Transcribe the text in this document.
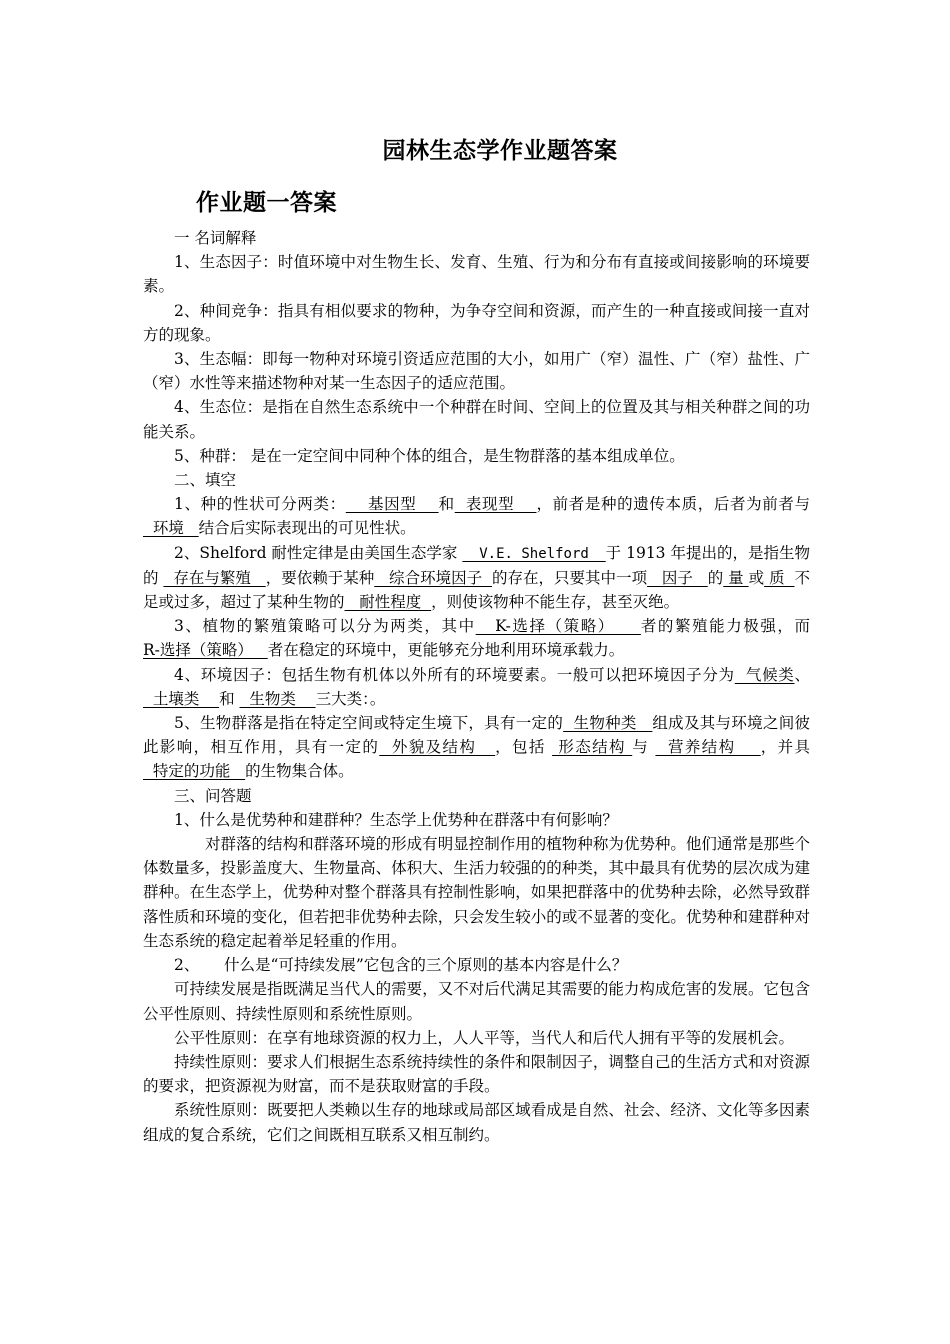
园林生态学作业题答案
作业题一答案

一 名词解释

1、生态因子：时值环境中对生物生长、发育、生殖、行为和分布有直接或间接影响的环境要素。

2、种间竞争：指具有相似要求的物种，为争夺空间和资源，而产生的一种直接或间接一直对方的现象。

3、生态幅：即每一物种对环境引资适应范围的大小，如用广（窄）温性、广（窄）盐性、广（窄）水性等来描述物种对某一生态因子的适应范围。

4、生态位：是指在自然生态系统中一个种群在时间、空间上的位置及其与相关种群之间的功能关系。

5、种群： 是在一定空间中同种个体的组合，是生物群落的基本组成单位。

二、填空

1、种的性状可分两类：    基因型    和  表现型    ，前者是种的遗传本质，后者为前者与  环境   结合后实际表现出的可见性状。

2、Shelford 耐性定律是由美国生态学家   V.E. Shelford  于 1913 年提出的，是指生物的   存在与繁殖   ，要依赖于某种   综合环境因子  的存在，只要其中一项   因子   的 量 或 质  不足或过多，超过了某种生物的   耐性程度  ，则使该物种不能生存，甚至灭绝。

3、植物的繁殖策略可以分为两类，其中   K-选择（策略）    者的繁殖能力极强，而R-选择（策略）   者在稳定的环境中，更能够充分地利用环境承载力。

4、环境因子：包括生物有机体以外所有的环境要素。一般可以把环境因子分为  气候类、  土壤类    和   生物类    三大类：。

5、生物群落是指在特定空间或特定生境下，具有一定的  生物种类   组成及其与环境之间彼此影响，相互作用，具有一定的  外貌及结构   ，包括  形态结构 与   营养结构    ，并具  特定的功能   的生物集合体。

三、问答题

1、什么是优势种和建群种？生态学上优势种在群落中有何影响？

对群落的结构和群落环境的形成有明显控制作用的植物种称为优势种。他们通常是那些个体数量多，投影盖度大、生物量高、体积大、生活力较强的的种类，其中最具有优势的层次成为建群种。在生态学上，优势种对整个群落具有控制性影响，如果把群落中的优势种去除，必然导致群落性质和环境的变化，但若把非优势种去除，只会发生较小的或不显著的变化。优势种和建群种对生态系统的稳定起着举足轻重的作用。

2、     什么是“可持续发展”它包含的三个原则的基本内容是什么？

可持续发展是指既满足当代人的需要，又不对后代满足其需要的能力构成危害的发展。它包含公平性原则、持续性原则和系统性原则。

公平性原则：在享有地球资源的权力上，人人平等，当代人和后代人拥有平等的发展机会。

持续性原则：要求人们根据生态系统持续性的条件和限制因子，调整自己的生活方式和对资源的要求，把资源视为财富，而不是获取财富的手段。

系统性原则：既要把人类赖以生存的地球或局部区域看成是自然、社会、经济、文化等多因素组成的复合系统，它们之间既相互联系又相互制约。
